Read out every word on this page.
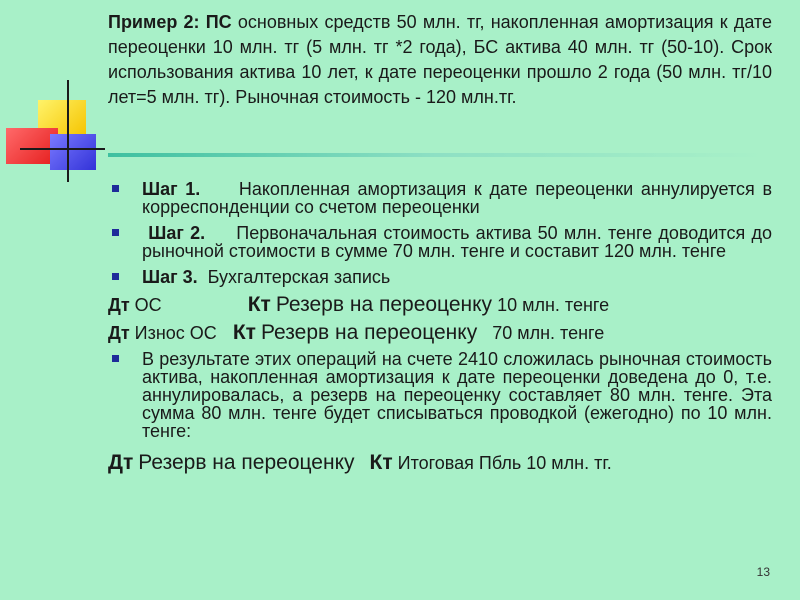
Пример 2: ПС основных средств 50 млн. тг, накопленная амортизация к дате переоценки 10 млн. тг (5 млн. тг *2 года), БС актива 40 млн. тг (50-10). Срок использования актива 10 лет, к дате переоценки прошло 2 года (50 млн. тг/10 лет=5 млн. тг). Рыночная стоимость - 120 млн.тг.

Шаг 1. Накопленная амортизация к дате переоценки аннулируется в корреспонденции со счетом переоценки
Шаг 2. Первоначальная стоимость актива 50 млн. тенге доводится до рыночной стоимости в сумме 70 млн. тенге и составит 120 млн. тенге
Шаг 3. Бухгалтерская запись
Дт ОС	Кт Резерв на переоценку 10 млн. тенге
Дт Износ ОС Кт Резерв на переоценку 70 млн. тенге
В результате этих операций на счете 2410 сложилась рыночная стоимость актива, накопленная амортизация к дате переоценки доведена до 0, т.е. аннулировалась, а резерв на переоценку составляет 80 млн. тенге. Эта сумма 80 млн. тенге будет списываться проводкой (ежегодно) по 10 млн. тенге:
Дт Резерв на переоценку Кт Итоговая Пбль 10 млн. тг.
13
